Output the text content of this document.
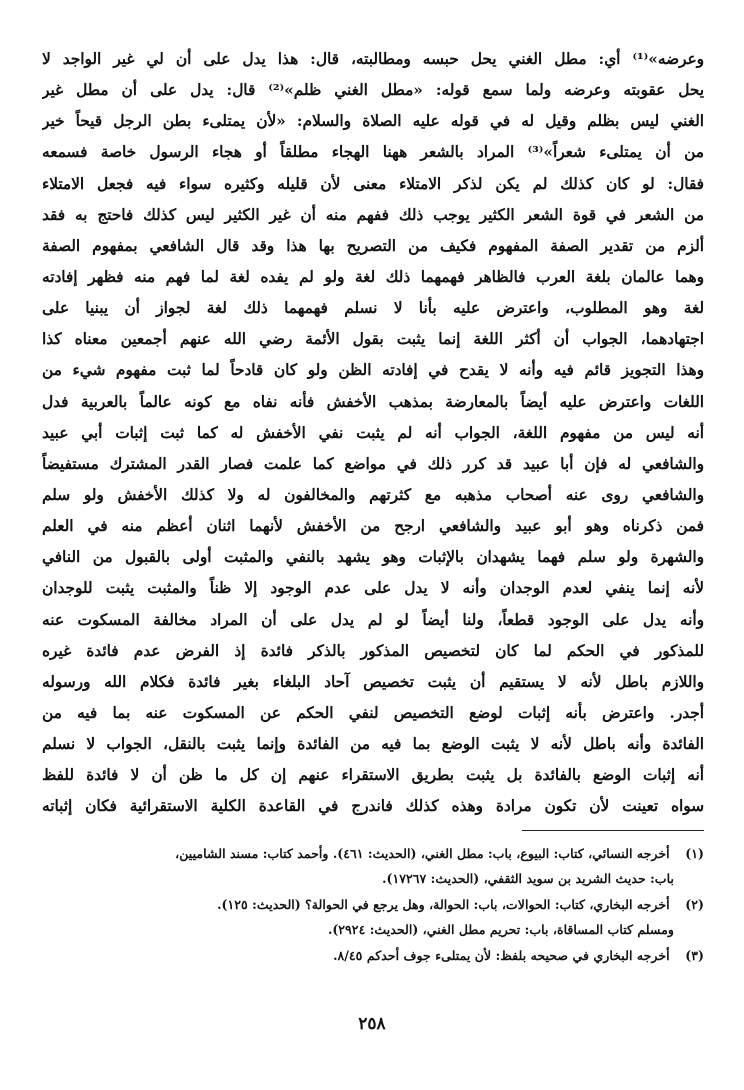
وعرضه»⁽¹⁾ أي: مطل الغني يحل حبسه ومطالبته، قال: هذا يدل على أن لي غير الواجد لا
يحل عقوبته وعرضه ولما سمع قوله: «مطل الغني ظلم»⁽²⁾ قال: يدل على أن مطل غير
الغني ليس بظلم وقيل له في قوله عليه الصلاة والسلام: «لأن يمتلىء بطن الرجل قيحاً خير
من أن يمتلىء شعراً»⁽³⁾ المراد بالشعر ههنا الهجاء مطلقاً أو هجاء الرسول خاصة فسمعه
فقال: لو كان كذلك لم يكن لذكر الامتلاء معنى لأن قليله وكثيره سواء فيه فجعل الامتلاء
من الشعر في قوة الشعر الكثير يوجب ذلك ففهم منه أن غير الكثير ليس كذلك فاحتج به فقد
ألزم من تقدير الصفة المفهوم فكيف من التصريح بها هذا وقد قال الشافعي بمفهوم الصفة
وهما عالمان بلغة العرب فالظاهر فهمهما ذلك لغة ولو لم يفده لغة لما فهم منه فظهر إفادته
لغة وهو المطلوب، واعترض عليه بأنا لا نسلم فهمهما ذلك لغة لجواز أن يبنيا على
اجتهادهما، الجواب أن أكثر اللغة إنما يثبت بقول الأئمة رضي الله عنهم أجمعين معناه كذا
وهذا التجويز قائم فيه وأنه لا يقدح في إفادته الظن ولو كان قادحاً لما ثبت مفهوم شيء من
اللغات واعترض عليه أيضاً بالمعارضة بمذهب الأخفش فأنه نفاه مع كونه عالماً بالعربية فدل
أنه ليس من مفهوم اللغة، الجواب أنه لم يثبت نفي الأخفش له كما ثبت إثبات أبي عبيد
والشافعي له فإن أبا عبيد قد كرر ذلك في مواضع كما علمت فصار القدر المشترك مستفيضاً
والشافعي روى عنه أصحاب مذهبه مع كثرتهم والمخالفون له ولا كذلك الأخفش ولو سلم
فمن ذكرناه وهو أبو عبيد والشافعي ارجح من الأخفش لأنهما اثنان أعظم منه في العلم
والشهرة ولو سلم فهما يشهدان بالإثبات وهو يشهد بالنفي والمثبت أولى بالقبول من النافي
لأنه إنما ينفي لعدم الوجدان وأنه لا يدل على عدم الوجود إلا ظناً والمثبت يثبت للوجدان
وأنه يدل على الوجود قطعاً، ولنا أيضاً لو لم يدل على أن المراد مخالفة المسكوت عنه
للمذكور في الحكم لما كان لتخصيص المذكور بالذكر فائدة إذ الفرض عدم فائدة غيره
واللازم باطل لأنه لا يستقيم أن يثبت تخصيص آحاد البلغاء بغير فائدة فكلام الله ورسوله
أجدر. واعترض بأنه إثبات لوضع التخصيص لنفي الحكم عن المسكوت عنه بما فيه من
الفائدة وأنه باطل لأنه لا يثبت الوضع بما فيه من الفائدة وإنما يثبت بالنقل، الجواب لا نسلم
أنه إثبات الوضع بالفائدة بل يثبت بطريق الاستقراء عنهم إن كل ما ظن أن لا فائدة للفظ
سواه تعينت لأن تكون مرادة وهذه كذلك فاندرج في القاعدة الكلية الاستقرائية فكان إثباته
(١) أخرجه النسائي، كتاب: البيوع، باب: مطل الغني، (الحديث: ٤٦١). وأحمد كتاب: مسند الشاميين،
باب: حديث الشريد بن سويد الثقفي، (الحديث: ١٧٢٦٧).
(٢) أخرجه البخاري، كتاب: الحوالات، باب: الحوالة، وهل يرجع في الحوالة؟ (الحديث: ١٢٥).
ومسلم كتاب المساقاة، باب: تحريم مطل الغني، (الحديث: ٢٩٢٤).
(٣) أخرجه البخاري في صحيحه بلفظ: لأن يمتلىء جوف أحدكم ٨/٤٥.
٢٥٨
